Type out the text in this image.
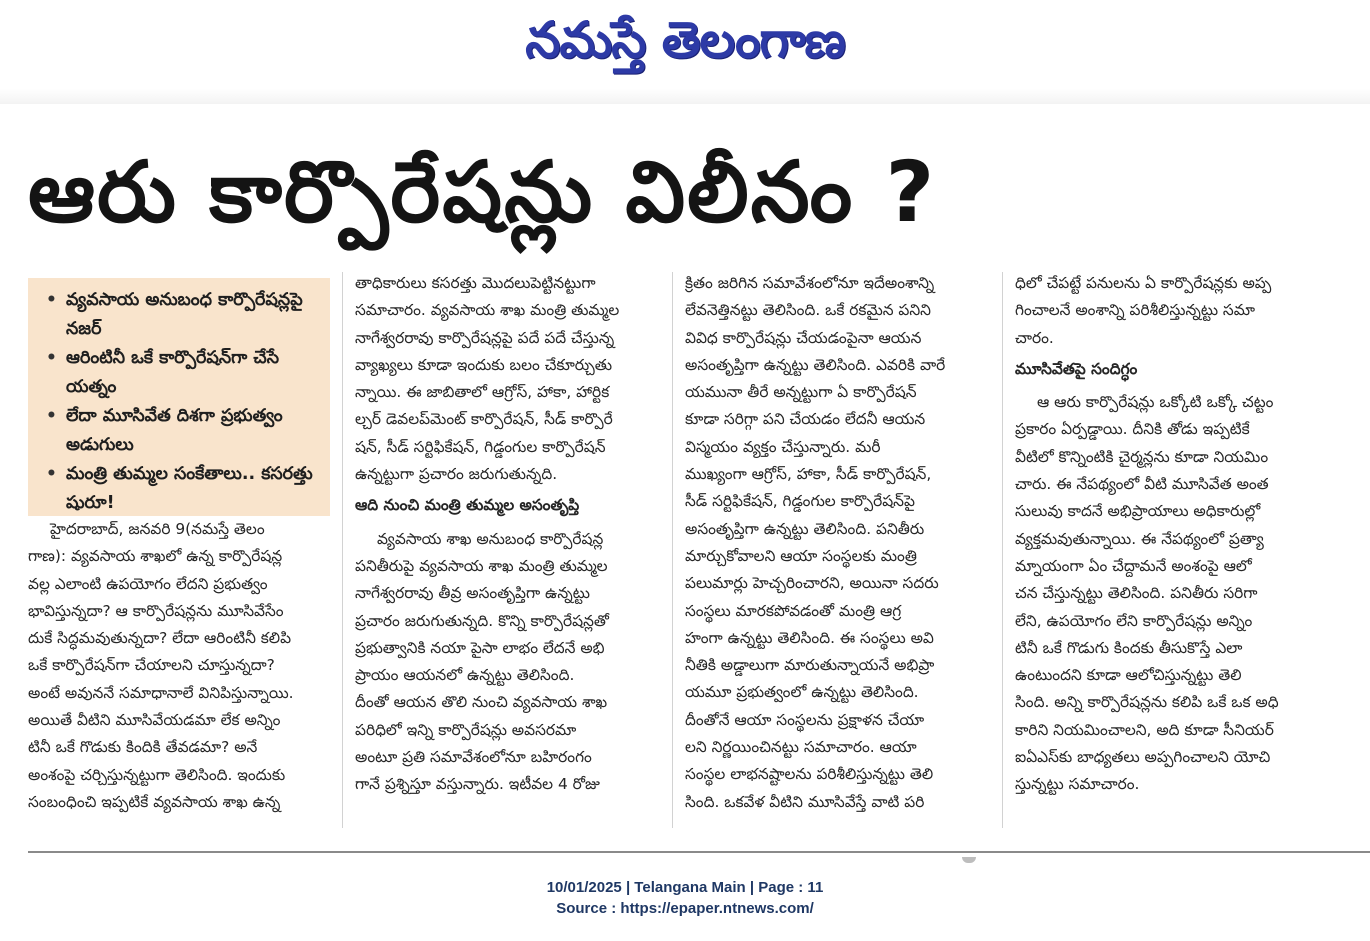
నమస్తే తెలంగాణ
ఆరు కార్పొరేషన్లు విలీనం ?
• వ్యవసాయ అనుబంధ కార్పొరేషన్లపై నజర్
• ఆరింటినీ ఒకే కార్పొరేషన్‌గా చేసే యత్నం
• లేదా మూసివేత దిశగా ప్రభుత్వం అడుగులు
• మంత్రి తుమ్మల సంకేతాలు.. కసరత్తు షురూ!

హైదరాబాద్, జనవరి 9(నమస్తే తెలం

గాణ): వ్యవసాయ శాఖలో ఉన్న కార్పొరేషన్ల

వల్ల ఎలాంటి ఉపయోగం లేదని ప్రభుత్వం

భావిస్తున్నదా? ఆ కార్పొరేషన్లను మూసివేసేం

దుకే సిద్ధమవుతున్నదా? లేదా ఆరింటినీ కలిపి

ఒకే కార్పొరేషన్‌గా చేయాలని చూస్తున్నదా?

అంటే అవుననే సమాధానాలే వినిపిస్తున్నాయి.

అయితే వీటిని మూసివేయడమా లేక అన్నిం

టినీ ఒకే గొడుకు కిందికి తేవడమా? అనే

అంశంపై చర్చిస్తున్నట్టుగా తెలిసింది. ఇందుకు

సంబంధించి ఇప్పటికే వ్యవసాయ శాఖ ఉన్న

తాధికారులు కసరత్తు మొదలుపెట్టినట్టుగా

సమాచారం. వ్యవసాయ శాఖ మంత్రి తుమ్మల

నాగేశ్వరరావు కార్పొరేషన్లపై పదే పదే చేస్తున్న

వ్యాఖ్యలు కూడా ఇందుకు బలం చేకూర్చుతు

న్నాయి. ఈ జాబితాలో ఆగ్రోస్, హాకా, హార్టిక

ల్చర్ డెవలప్‌మెంట్ కార్పొరేషన్, సీడ్ కార్పొరే

షన్, సీడ్ సర్టిఫికేషన్, గిడ్డంగుల కార్పొరేషన్

ఉన్నట్టుగా ప్రచారం జరుగుతున్నది.

ఆది నుంచి మంత్రి తుమ్మల అసంతృప్తి

వ్యవసాయ శాఖ అనుబంధ కార్పొరేషన్ల

పనితీరుపై వ్యవసాయ శాఖ మంత్రి తుమ్మల

నాగేశ్వరరావు తీవ్ర అసంతృప్తిగా ఉన్నట్టు

ప్రచారం జరుగుతున్నది. కొన్ని కార్పొరేషన్లతో

ప్రభుత్వానికి నయా పైసా లాభం లేదనే అభి

ప్రాయం ఆయనలో ఉన్నట్టు తెలిసింది.

దీంతో ఆయన తొలి నుంచి వ్యవసాయ శాఖ

పరిధిలో ఇన్ని కార్పొరేషన్లు అవసరమా

అంటూ ప్రతి సమావేశంలోనూ బహిరంగం

గానే ప్రశ్నిస్తూ వస్తున్నారు. ఇటీవల 4 రోజు

క్రితం జరిగిన సమావేశంలోనూ ఇదేఅంశాన్ని

లేవనెత్తినట్టు తెలిసింది. ఒకే రకమైన పనిని

వివిధ కార్పొరేషన్లు చేయడంపైనా ఆయన

అసంతృప్తిగా ఉన్నట్టు తెలిసింది. ఎవరికి వారే

యమునా తీరే అన్నట్టుగా ఏ కార్పొరేషన్

కూడా సరిగ్గా పని చేయడం లేదనీ ఆయన

విస్మయం వ్యక్తం చేస్తున్నారు. మరీ

ముఖ్యంగా ఆగ్రోస్, హాకా, సీడ్ కార్పొరేషన్,

సీడ్ సర్టిఫికేషన్, గిడ్డంగుల కార్పొరేషన్‌పై

అసంతృప్తిగా ఉన్నట్టు తెలిసింది. పనితీరు

మార్చుకోవాలని ఆయా సంస్థలకు మంత్రి

పలుమార్లు హెచ్చరించారని, అయినా సదరు

సంస్థలు మారకపోవడంతో మంత్రి ఆగ్ర

హంగా ఉన్నట్టు తెలిసింది. ఈ సంస్థలు అవి

నీతికి అడ్డాలుగా మారుతున్నాయనే అభిప్రా

యమూ ప్రభుత్వంలో ఉన్నట్టు తెలిసింది.

దీంతోనే ఆయా సంస్థలను ప్రక్షాళన చేయా

లని నిర్ణయించినట్టు సమాచారం. ఆయా

సంస్థల లాభనష్టాలను పరిశీలిస్తున్నట్టు తెలి

సింది. ఒకవేళ వీటిని మూసివేస్తే వాటి పరి

ధిలో చేపట్టే పనులను ఏ కార్పొరేషన్లకు అప్ప

గించాలనే అంశాన్ని పరిశీలిస్తున్నట్టు సమా

చారం.

మూసివేతపై సందిగ్ధం

ఆ ఆరు కార్పొరేషన్లు ఒక్కోటి ఒక్కో చట్టం

ప్రకారం ఏర్పడ్డాయి. దీనికి తోడు ఇప్పటికే

వీటిలో కొన్నింటికి చైర్మన్లను కూడా నియమిం

చారు. ఈ నేపథ్యంలో వీటి మూసివేత అంత

సులువు కాదనే అభిప్రాయాలు అధికారుల్లో

వ్యక్తమవుతున్నాయి. ఈ నేపథ్యంలో ప్రత్యా

మ్నాయంగా ఏం చేద్దామనే అంశంపై ఆలో

చన చేస్తున్నట్టు తెలిసింది. పనితీరు సరిగా

లేని, ఉపయోగం లేని కార్పొరేషన్లు అన్నిం

టినీ ఒకే గొడుగు కిందకు తీసుకొస్తే ఎలా

ఉంటుందని కూడా ఆలోచిస్తున్నట్టు తెలి

సింది. అన్ని కార్పొరేషన్లను కలిపి ఒకే ఒక అధి

కారిని నియమించాలని, అది కూడా సీనియర్

ఐఏఎస్‌కు బాధ్యతలు అప్పగించాలని యోచి

స్తున్నట్టు సమాచారం.

10/01/2025 | Telangana Main | Page : 11
Source : https://epaper.ntnews.com/
